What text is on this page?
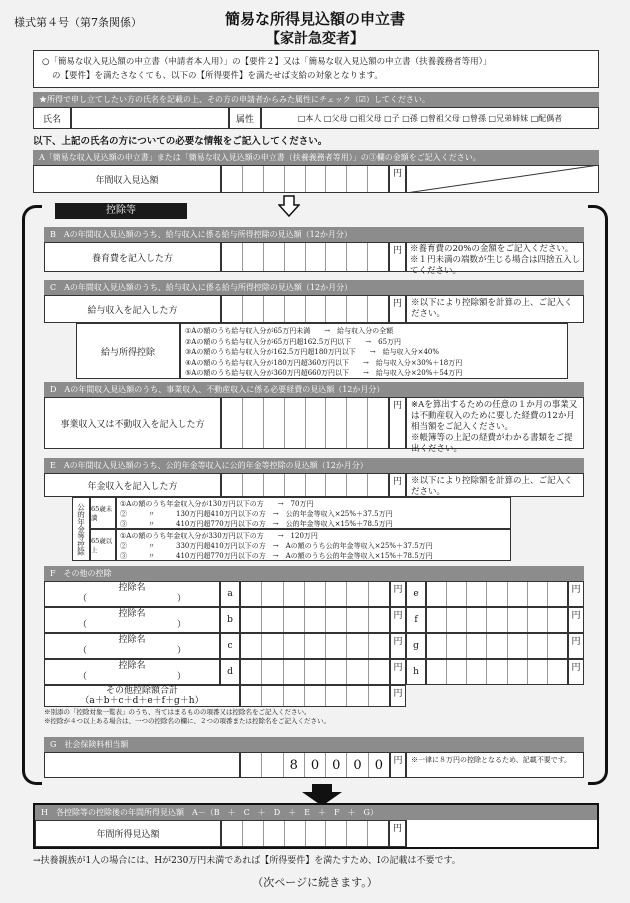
様式第４号（第7条関係）	簡易な所得見込額の申立書
【家計急変者】
○「簡易な収入見込額の申立書（申請者本人用）」の【要件２】又は「簡易な収入見込額の申立書（扶養義務者等用）」
の【要件】を満たさなくても、以下の【所得要件】を満たせば支給の対象となります。
★所得で申し立てしたい方の氏名を記載の上、その方の申請者からみた属性にチェック（☑）してください。
氏名	属性	□本人 □父母 □祖父母 □子 □孫 □曾祖父母 □曾孫 □兄弟姉妹 □配偶者
以下、上記の氏名の方についての必要な情報をご記入してください。
A「簡易な収入見込額の申立書」または「簡易な収入見込額の申立書（扶養義務者等用）」の③欄の金額をご記入ください。
年間収入見込額
円
控除等
B　Aの年間収入見込額のうち、給与収入に係る給与所得控除の見込額（12か月分）
養育費を記入した方
円 ※養育費の20%の金額をご記入ください。
※１円未満の端数が生じる場合は四捨五入してください。
C　Aの年間収入見込額のうち、給与収入に係る給与所得控除の見込額（12か月分）
給与収入を記入した方
円	※以下により控除額を計算の上、ご記入ください。
給与所得控除
①Aの額のうち給与収入分が65万円未満　　→　給与収入分の全額
②Aの額のうち給与収入分が65万円超162.5万円以下　　→　65万円
③Aの額のうち給与収入分が162.5万円超180万円以下　　→　給与収入分×40%
④Aの額のうち給与収入分が180万円超360万円以下　　→　給与収入分×30%＋18万円
⑤Aの額のうち給与収入分が360万円超660万円以下　　→　給与収入分×20%＋54万円
D　Aの年間収入見込額のうち、事業収入、不動産収入に係る必要経費の見込額（12か月分）
事業収入又は不動収入を記入した方
円	※Aを算出するための任意の１か月の事業又は不動産収入のために要した経費の12か月相当額をご記入ください。
※帳簿等の上記の経費がわかる書類をご提出ください。
E　Aの年間収入見込額のうち、公的年金等収入に公的年金等控除の見込額（12か月分）
年金収入を記入した方	円	※以下により控除額を計算の上、ご記入ください。
公的年金等控除 65歳未満
65歳以上
①Aの額のうち年金収入分が130万円以下の方　　→　70万円
②　　　〃　　　130万円超410万円以下の方　→　公的年金等収入×25%＋37.5万円
③　　　〃　　　410万円超770万円以下の方　→　公的年金等収入×15%＋78.5万円
①Aの額のうち年金収入分が330万円以下の方　　→　120万円
②　　　〃　　　330万円超410万円以下の方　→　Aの額のうち公的年金等収入×25%＋37.5万円
③　　　〃　　　410万円超770万円以下の方　→　Aの額のうち公的年金等収入×15%＋78.5万円
F　その他の控除
控除名
（　　　　　　　　　　）	a	円	e	円
控除名
（　　　　　　　　　　）	b	円	f	円
控除名
（　　　　　　　　　　）	c	円	g	円
控除名
（　　　　　　　　　　）	d	円	h	円
その他控除額合計
（a＋b＋c＋d＋e＋f＋g＋h）
円
※別添の「控除対象一覧表」のうち、当てはまるものの項番又は控除名をご記入ください。
※控除が４つ以上ある場合は、一つの控除名の欄に、２つの項番または控除名をご記入ください。
G　社会保険料相当額
8	0	0	0	0	円	※一律に８万円の控除となるため、記載不要です。
H　各控除等の控除後の年間所得見込額　A－（B　＋　C　＋　D　＋　E　＋　F　＋　G）
年間所得見込額
円
→扶養親族が1人の場合には、Hが230万円未満であれば【所得要件】を満たすため、Iの記載は不要です。
（次ページに続きます。）
